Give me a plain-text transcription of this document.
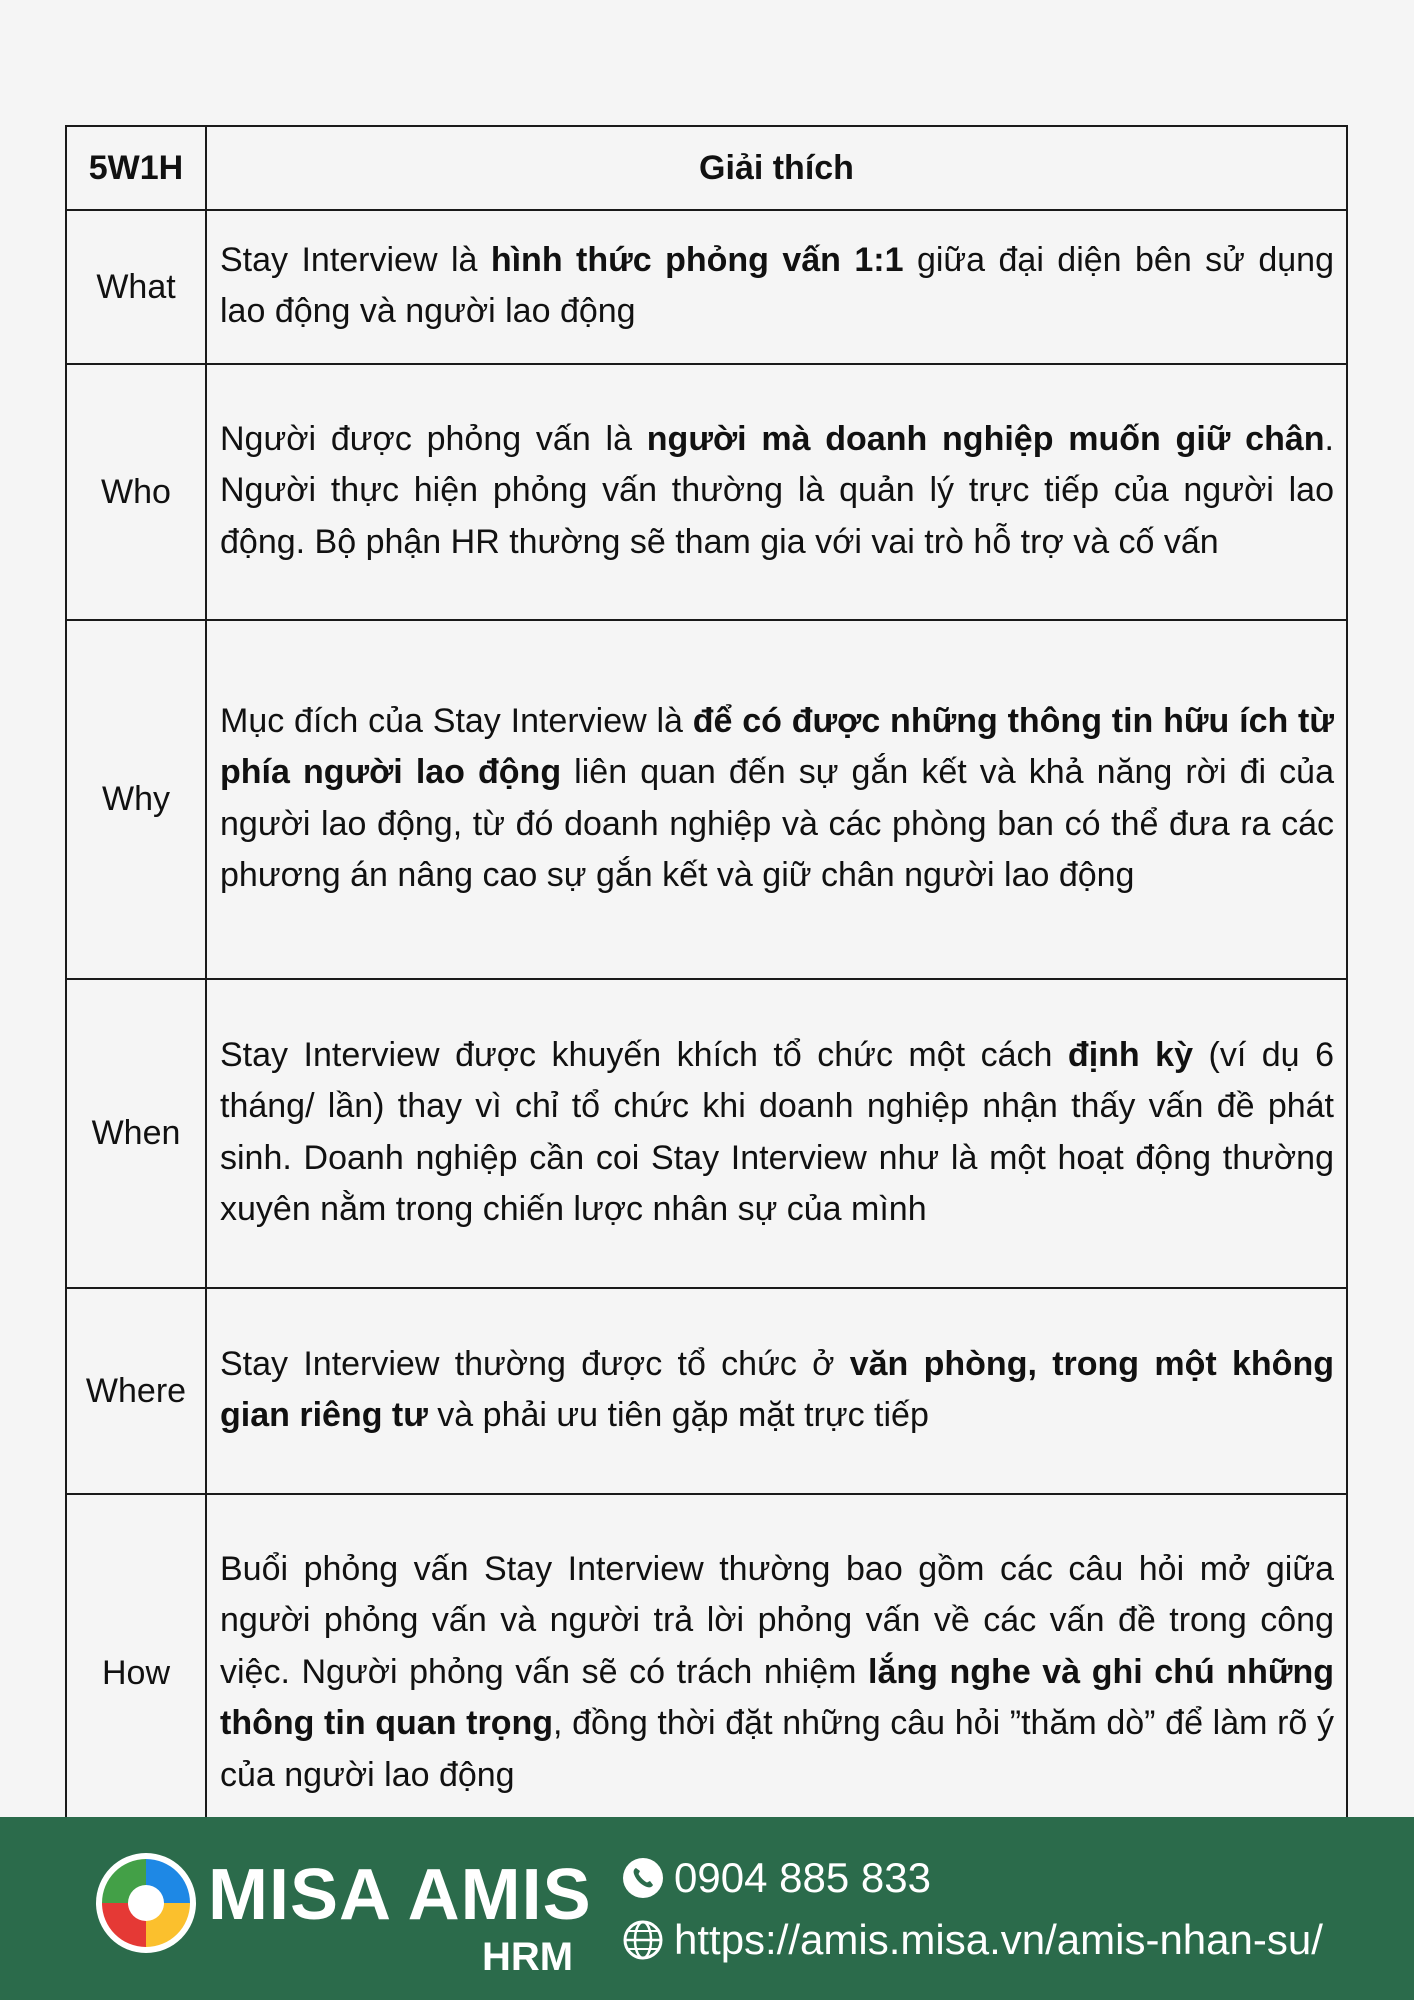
5W1H	Giải thích
What	Stay Interview là hình thức phỏng vấn 1:1 giữa đại diện bên sử dụng lao động và người lao động
Who	Người được phỏng vấn là người mà doanh nghiệp muốn giữ chân. Người thực hiện phỏng vấn thường là quản lý trực tiếp của người lao động. Bộ phận HR thường sẽ tham gia với vai trò hỗ trợ và cố vấn
Why	Mục đích của Stay Interview là để có được những thông tin hữu ích từ phía người lao động liên quan đến sự gắn kết và khả năng rời đi của người lao động, từ đó doanh nghiệp và các phòng ban có thể đưa ra các phương án nâng cao sự gắn kết và giữ chân người lao động
When	Stay Interview được khuyến khích tổ chức một cách định kỳ (ví dụ 6 tháng/ lần) thay vì chỉ tổ chức khi doanh nghiệp nhận thấy vấn đề phát sinh. Doanh nghiệp cần coi Stay Interview như là một hoạt động thường xuyên nằm trong chiến lược nhân sự của mình
Where	Stay Interview thường được tổ chức ở văn phòng, trong một không gian riêng tư và phải ưu tiên gặp mặt trực tiếp
How	Buổi phỏng vấn Stay Interview thường bao gồm các câu hỏi mở giữa người phỏng vấn và người trả lời phỏng vấn về các vấn đề trong công việc. Người phỏng vấn sẽ có trách nhiệm lắng nghe và ghi chú những thông tin quan trọng, đồng thời đặt những câu hỏi ”thăm dò” để làm rõ ý của người lao động
MISA AMIS
HRM
0904 885 833
https://amis.misa.vn/amis-nhan-su/
